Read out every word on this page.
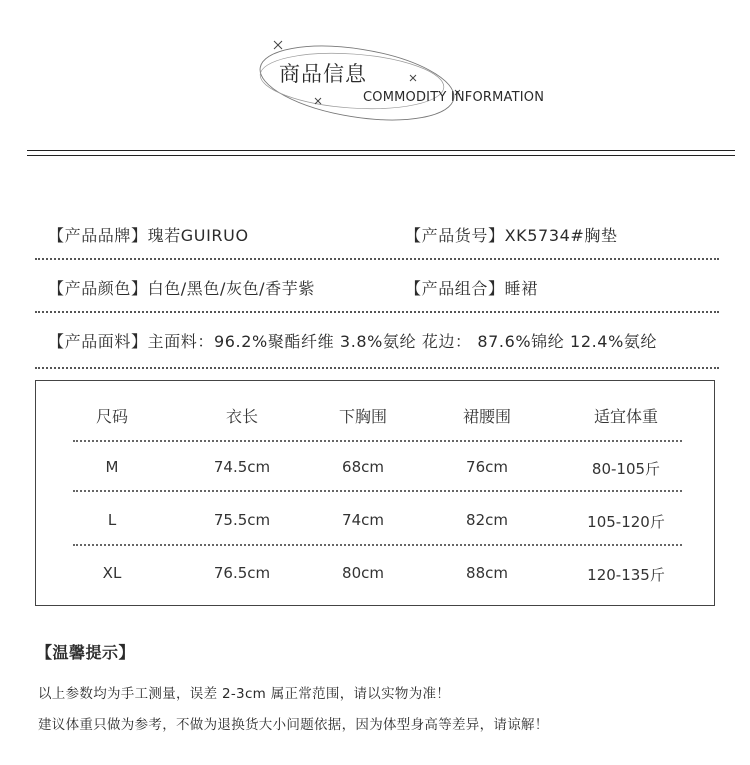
商品信息
COMMODITY INFORMATION
【产品品牌】瑰若GUIRUO	【产品货号】XK5734#胸垫
【产品颜色】白色/黑色/灰色/香芋紫	【产品组合】睡裙
【产品面料】主面料：96.2%聚酯纤维 3.8%氨纶 花边： 87.6%锦纶 12.4%氨纶
尺码	衣长	下胸围	裙腰围	适宜体重
M	74.5cm	68cm	76cm	80-105斤
L	75.5cm	74cm	82cm	105-120斤
XL	76.5cm	80cm	88cm	120-135斤
【温馨提示】
以上参数均为手工测量，误差 2-3cm 属正常范围，请以实物为准！
建议体重只做为参考，不做为退换货大小问题依据，因为体型身高等差异，请谅解！
